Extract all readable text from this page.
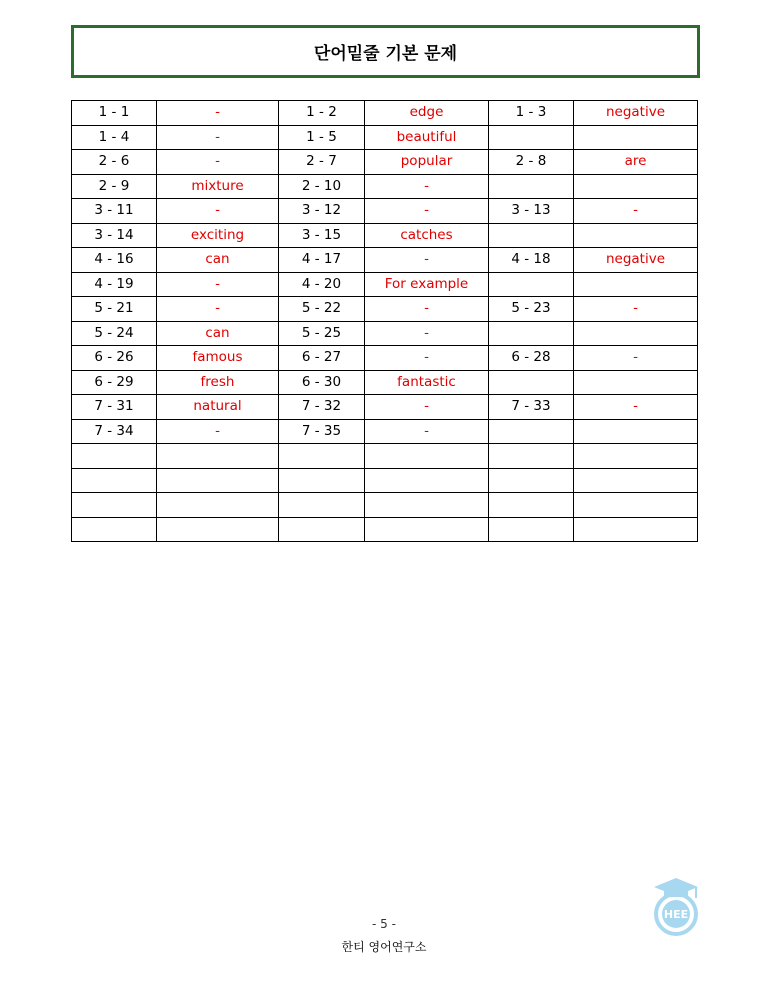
단어밑줄 기본 문제
1 - 1	-	1 - 2	edge	1 - 3	negative
1 - 4	-	1 - 5	beautiful		
2 - 6	-	2 - 7	popular	2 - 8	are
2 - 9	mixture	2 - 10	-		
3 - 11	-	3 - 12	-	3 - 13	-
3 - 14	exciting	3 - 15	catches		
4 - 16	can	4 - 17	-	4 - 18	negative
4 - 19	-	4 - 20	For example		
5 - 21	-	5 - 22	-	5 - 23	-
5 - 24	can	5 - 25	-		
6 - 26	famous	6 - 27	-	6 - 28	-
6 - 29	fresh	6 - 30	fantastic		
7 - 31	natural	7 - 32	-	7 - 33	-
7 - 34	-	7 - 35	-		

- 5 -
한티 영어연구소
HEE
